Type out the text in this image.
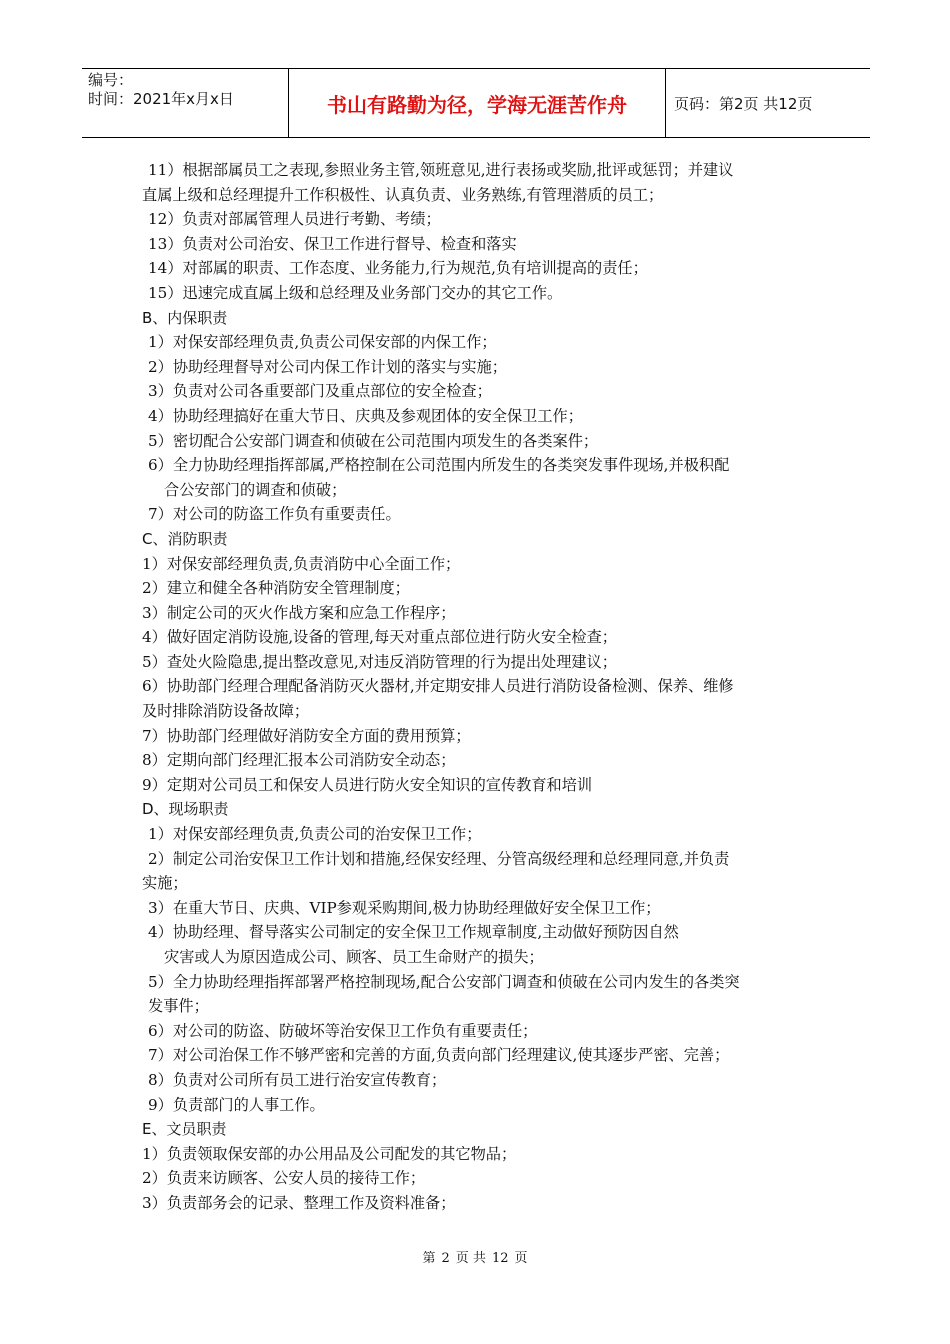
编号：
时间：2021年x月x日	书山有路勤为径，学海无涯苦作舟	页码：第2页 共12页
11）根据部属员工之表现,参照业务主管,领班意见,进行表扬或奖励,批评或惩罚；并建议
直属上级和总经理提升工作积极性、认真负责、业务熟练,有管理潜质的员工；
12）负责对部属管理人员进行考勤、考绩；
13）负责对公司治安、保卫工作进行督导、检查和落实
14）对部属的职责、工作态度、业务能力,行为规范,负有培训提高的责任；
15）迅速完成直属上级和总经理及业务部门交办的其它工作。
B、内保职责
1）对保安部经理负责,负责公司保安部的内保工作；
2）协助经理督导对公司内保工作计划的落实与实施；
3）负责对公司各重要部门及重点部位的安全检查；
4）协助经理搞好在重大节日、庆典及参观团体的安全保卫工作；
5）密切配合公安部门调查和侦破在公司范围内项发生的各类案件；
6）全力协助经理指挥部属,严格控制在公司范围内所发生的各类突发事件现场,并极积配
合公安部门的调查和侦破；
7）对公司的防盗工作负有重要责任。
C、消防职责
1）对保安部经理负责,负责消防中心全面工作；
2）建立和健全各种消防安全管理制度；
3）制定公司的灭火作战方案和应急工作程序；
4）做好固定消防设施,设备的管理,每天对重点部位进行防火安全检查；
5）查处火险隐患,提出整改意见,对违反消防管理的行为提出处理建议；
6）协助部门经理合理配备消防灭火器材,并定期安排人员进行消防设备检测、保养、维修
及时排除消防设备故障；
7）协助部门经理做好消防安全方面的费用预算；
8）定期向部门经理汇报本公司消防安全动态；
9）定期对公司员工和保安人员进行防火安全知识的宣传教育和培训
D、现场职责
1）对保安部经理负责,负责公司的治安保卫工作；
2）制定公司治安保卫工作计划和措施,经保安经理、分管高级经理和总经理同意,并负责
实施；
3）在重大节日、庆典、VIP参观采购期间,极力协助经理做好安全保卫工作；
4）协助经理、督导落实公司制定的安全保卫工作规章制度,主动做好预防因自然
灾害或人为原因造成公司、顾客、员工生命财产的损失；
5）全力协助经理指挥部署严格控制现场,配合公安部门调查和侦破在公司内发生的各类突
发事件；
6）对公司的防盗、防破坏等治安保卫工作负有重要责任；
7）对公司治保工作不够严密和完善的方面,负责向部门经理建议,使其逐步严密、完善；
8）负责对公司所有员工进行治安宣传教育；
9）负责部门的人事工作。
E、文员职责
1）负责领取保安部的办公用品及公司配发的其它物品；
2）负责来访顾客、公安人员的接待工作；
3）负责部务会的记录、整理工作及资料准备；
第 2 页 共 12 页
